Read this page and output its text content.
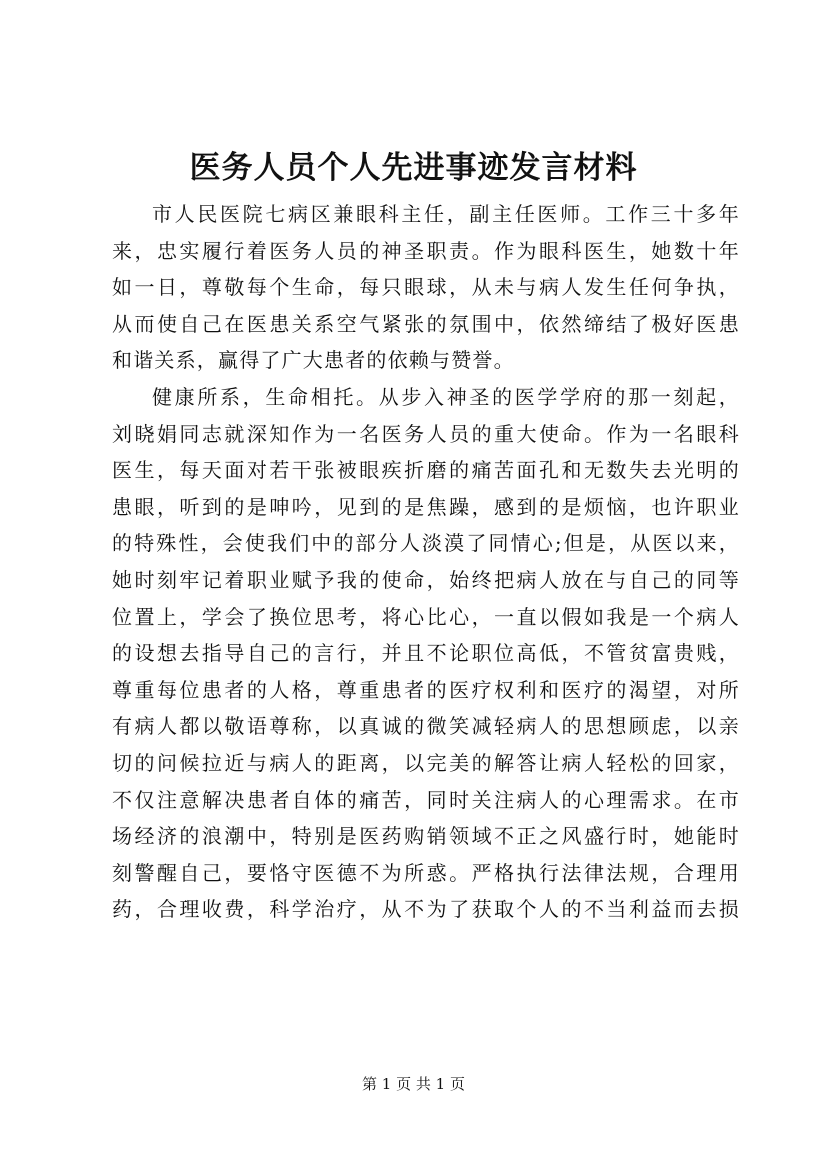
医务人员个人先进事迹发言材料
市人民医院七病区兼眼科主任，副主任医师。工作三十多年
来，忠实履行着医务人员的神圣职责。作为眼科医生，她数十年
如一日，尊敬每个生命，每只眼球，从未与病人发生任何争执，
从而使自己在医患关系空气紧张的氛围中，依然缔结了极好医患
和谐关系，赢得了广大患者的依赖与赞誉。
健康所系，生命相托。从步入神圣的医学学府的那一刻起，
刘晓娟同志就深知作为一名医务人员的重大使命。作为一名眼科
医生，每天面对若干张被眼疾折磨的痛苦面孔和无数失去光明的
患眼，听到的是呻吟，见到的是焦躁，感到的是烦恼，也许职业
的特殊性，会使我们中的部分人淡漠了同情心;但是，从医以来，
她时刻牢记着职业赋予我的使命，始终把病人放在与自己的同等
位置上，学会了换位思考，将心比心，一直以假如我是一个病人
的设想去指导自己的言行，并且不论职位高低，不管贫富贵贱，
尊重每位患者的人格，尊重患者的医疗权利和医疗的渴望，对所
有病人都以敬语尊称，以真诚的微笑减轻病人的思想顾虑，以亲
切的问候拉近与病人的距离，以完美的解答让病人轻松的回家，
不仅注意解决患者自体的痛苦，同时关注病人的心理需求。在市
场经济的浪潮中，特别是医药购销领域不正之风盛行时，她能时
刻警醒自己，要恪守医德不为所惑。严格执行法律法规，合理用
药，合理收费，科学治疗，从不为了获取个人的不当利益而去损
第 1 页 共 1 页
